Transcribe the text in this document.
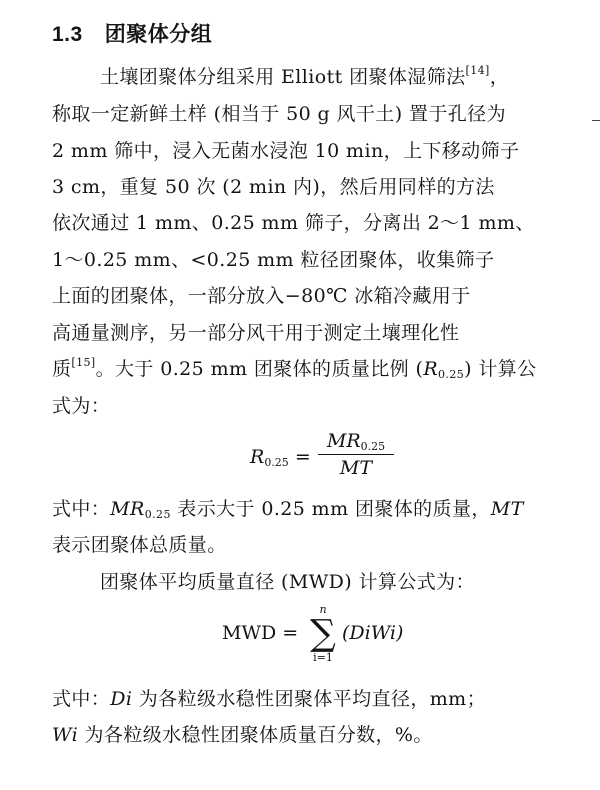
1.3 团聚体分组
土壤团聚体分组采用 Elliott 团聚体湿筛法[14]，
称取一定新鲜土样 (相当于 50 g 风干土) 置于孔径为
2 mm 筛中，浸入无菌水浸泡 10 min，上下移动筛子
3 cm，重复 50 次 (2 min 内)，然后用同样的方法
依次通过 1 mm、0.25 mm 筛子，分离出 2～1 mm、
1～0.25 mm、<0.25 mm 粒径团聚体，收集筛子
上面的团聚体，一部分放入−80℃ 冰箱冷藏用于
高通量测序，另一部分风干用于测定土壤理化性
质[15]。大于 0.25 mm 团聚体的质量比例 $(R_{0.25})$ 计算公
式为：
$R_{0.25} = \frac{MR_{0.25}}{MT}$
式中：$MR_{0.25}$ 表示大于 0.25 mm 团聚体的质量，MT
表示团聚体总质量。
团聚体平均质量直径 (MWD) 计算公式为：
MWD =
n
∑
i=1
(DiWi)
式中：Di 为各粒级水稳性团聚体平均直径，mm；
Wi 为各粒级水稳性团聚体质量百分数，%。
